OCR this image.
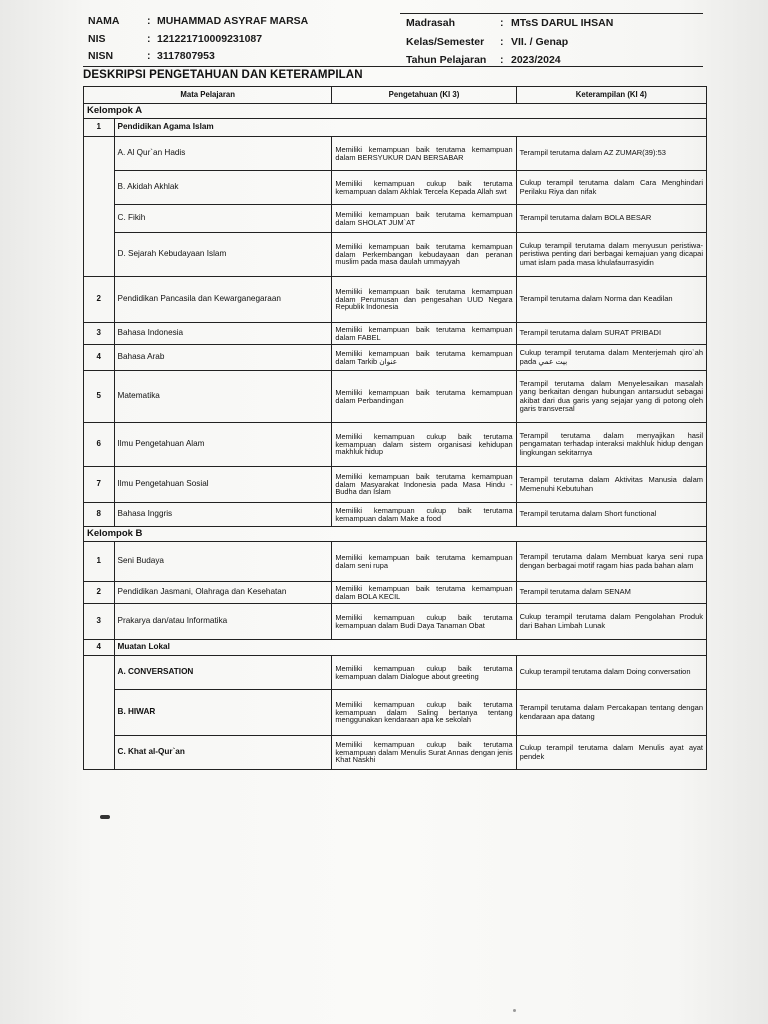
NAMA	: MUHAMMAD ASYRAF MARSA
NIS	: 121221710009231087
NISN	: 3117807953
Madrasah	: MTsS DARUL IHSAN
Kelas/Semester : VII. / Genap
Tahun Pelajaran : 2023/2024
DESKRIPSI PENGETAHUAN DAN KETERAMPILAN
Mata Pelajaran		Pengetahuan (KI 3)	Keterampilan (KI 4)
Kelompok A			
1	Pendidikan Agama Islam		
	A. Al Qur`an Hadis	Memiliki kemampuan baik terutama kemampuan dalam BERSYUKUR DAN BERSABAR	Terampil terutama dalam AZ ZUMAR(39):53
	B. Akidah Akhlak	Memiliki kemampuan cukup baik terutama kemampuan dalam Akhlak Tercela Kepada Allah swt	Cukup terampil terutama dalam Cara Menghindari Perilaku Riya dan nifak
	C. Fikih	Memiliki kemampuan baik terutama kemampuan dalam SHOLAT JUM`AT	Terampil terutama dalam BOLA BESAR
	D. Sejarah Kebudayaan Islam	Memiliki kemampuan baik terutama kemampuan dalam Perkembangan kebudayaan dan peranan muslim pada masa daulah ummayyah	Cukup terampil terutama dalam menyusun peristiwa-peristiwa penting dari berbagai kemajuan yang dicapai umat islam pada masa khulafaurrasyidin
2	Pendidikan Pancasila dan Kewarganegaraan	Memiliki kemampuan baik terutama kemampuan dalam Perumusan dan pengesahan UUD Negara Republik Indonesia	Terampil terutama dalam Norma dan Keadilan
3	Bahasa Indonesia	Memiliki kemampuan baik terutama kemampuan dalam FABEL	Terampil terutama dalam SURAT PRIBADI
4	Bahasa Arab	Memiliki kemampuan baik terutama kemampuan dalam Tarkib عنوان	Cukup terampil terutama dalam Menterjemah qiro`ah pada بيت عمي
5	Matematika	Memiliki kemampuan baik terutama kemampuan dalam Perbandingan	Terampil terutama dalam Menyelesaikan masalah yang berkaitan dengan hubungan antarsudut sebagai akibat dari dua garis yang sejajar yang di potong oleh garis transversal
6	Ilmu Pengetahuan Alam	Memiliki kemampuan cukup baik terutama kemampuan dalam sistem organisasi kehidupan makhluk hidup	Terampil terutama dalam menyajikan hasil pengamatan terhadap interaksi makhluk hidup dengan lingkungan sekitarnya
7	Ilmu Pengetahuan Sosial	Memiliki kemampuan baik terutama kemampuan dalam Masyarakat Indonesia pada Masa Hindu - Budha dan Islam	Terampil terutama dalam Aktivitas Manusia dalam Memenuhi Kebutuhan
8	Bahasa Inggris	Memiliki kemampuan cukup baik terutama kemampuan dalam Make a food	Terampil terutama dalam Short functional
Kelompok B			
1	Seni Budaya	Memiliki kemampuan baik terutama kemampuan dalam seni rupa	Terampil terutama dalam Membuat karya seni rupa dengan berbagai motif ragam hias pada bahan alam
2	Pendidikan Jasmani, Olahraga dan Kesehatan	Memiliki kemampuan baik terutama kemampuan dalam BOLA KECIL	Terampil terutama dalam SENAM
3	Prakarya dan/atau Informatika	Memiliki kemampuan cukup baik terutama kemampuan dalam Budi Daya Tanaman Obat	Cukup terampil terutama dalam Pengolahan Produk dari Bahan Limbah Lunak
4	Muatan Lokal		
	A. CONVERSATION	Memiliki kemampuan cukup baik terutama kemampuan dalam Dialogue about greeting	Cukup terampil terutama dalam Doing conversation
	B. HIWAR	Memiliki kemampuan cukup baik terutama kemampuan dalam Saling bertanya tentang menggunakan kendaraan apa ke sekolah	Terampil terutama dalam Percakapan tentang dengan kendaraan apa datang
	C. Khat al-Qur`an	Memiliki kemampuan cukup baik terutama kemampuan dalam Menulis Surat Annas dengan jenis Khat Naskhi	Cukup terampil terutama dalam Menulis ayat ayat pendek
